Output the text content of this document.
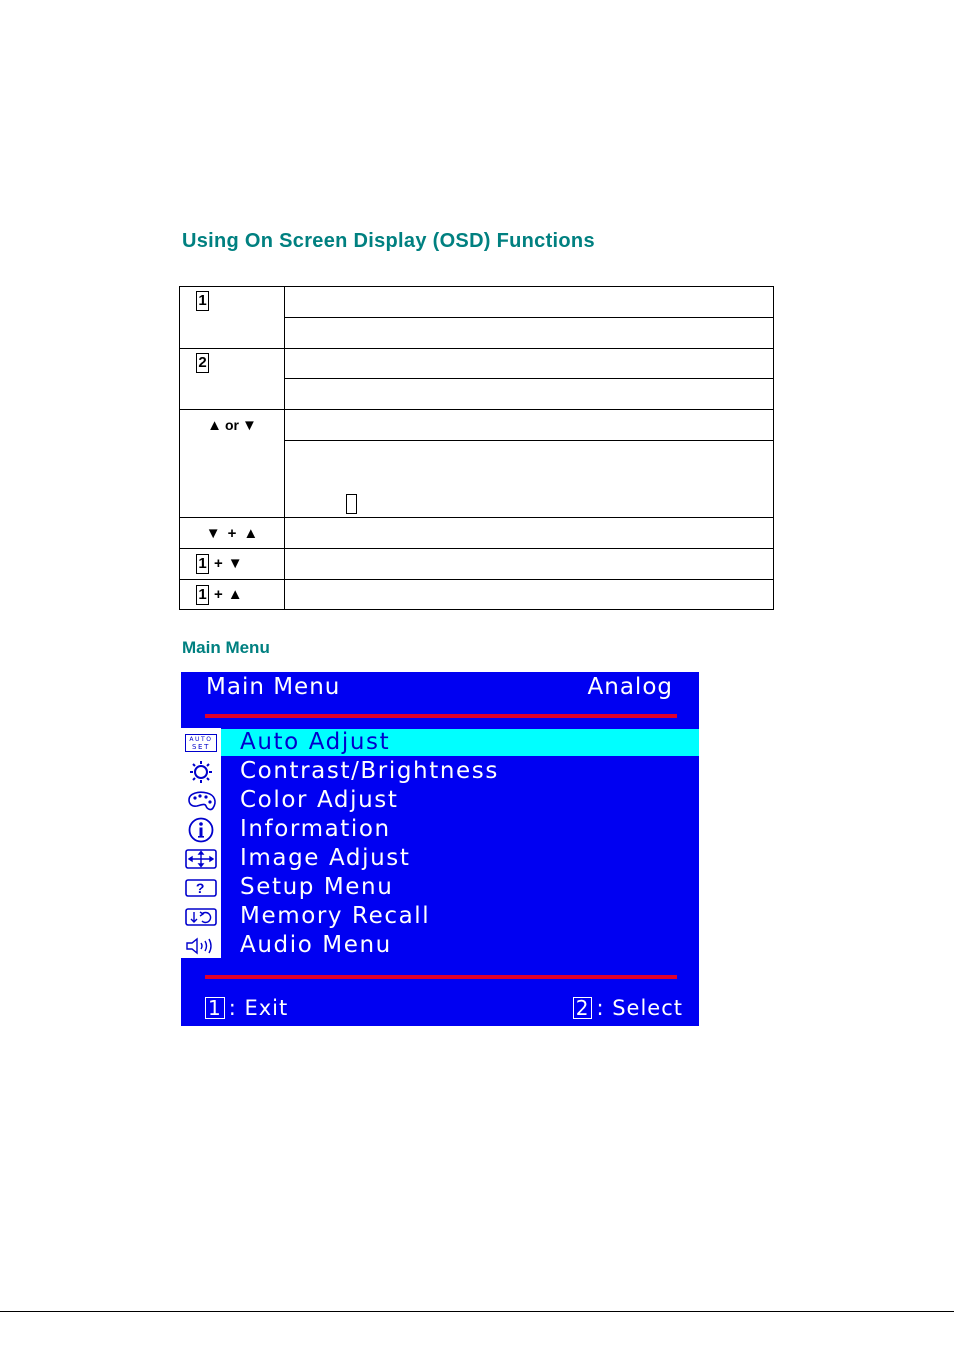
Using On Screen Display (OSD) Functions
1	

2	

▲ or ▼	

▼ + ▲	
1 + ▼	
1 + ▲	
Main Menu
Main Menu	Analog
AUTO
SET Auto Adjust
Contrast/Brightness
Color Adjust
Information
Image Adjust
? Setup Menu
Memory Recall
Audio Menu
1 : Exit	2 : Select
